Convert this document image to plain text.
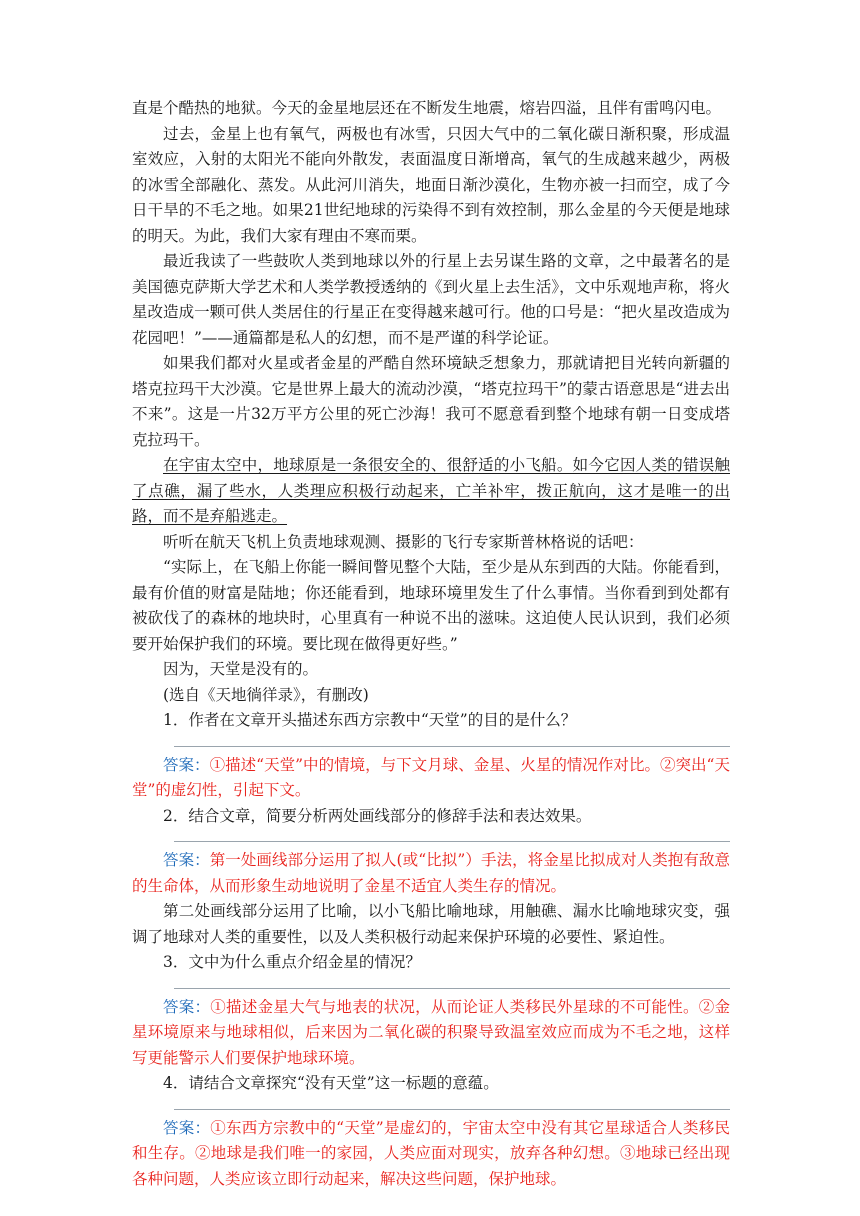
直是个酷热的地狱。今天的金星地层还在不断发生地震，熔岩四溢，且伴有雷鸣闪电。

过去，金星上也有氧气，两极也有冰雪，只因大气中的二氧化碳日渐积聚，形成温室效应，入射的太阳光不能向外散发，表面温度日渐增高，氧气的生成越来越少，两极的冰雪全部融化、蒸发。从此河川消失，地面日渐沙漠化，生物亦被一扫而空，成了今日干旱的不毛之地。如果21世纪地球的污染得不到有效控制，那么金星的今天便是地球的明天。为此，我们大家有理由不寒而栗。

最近我读了一些鼓吹人类到地球以外的行星上去另谋生路的文章，之中最著名的是美国德克萨斯大学艺术和人类学教授透纳的《到火星上去生活》，文中乐观地声称，将火星改造成一颗可供人类居住的行星正在变得越来越可行。他的口号是：“把火星改造成为花园吧！”——通篇都是私人的幻想，而不是严谨的科学论证。

如果我们都对火星或者金星的严酷自然环境缺乏想象力，那就请把目光转向新疆的塔克拉玛干大沙漠。它是世界上最大的流动沙漠，“塔克拉玛干”的蒙古语意思是“进去出不来”。这是一片32万平方公里的死亡沙海！我可不愿意看到整个地球有朝一日变成塔克拉玛干。

在宇宙太空中，地球原是一条很安全的、很舒适的小飞船。如今它因人类的错误触了点礁，漏了些水，人类理应积极行动起来，亡羊补牢，拨正航向，这才是唯一的出路，而不是弃船逃走。

听听在航天飞机上负责地球观测、摄影的飞行专家斯普林格说的话吧：

“实际上，在飞船上你能一瞬间瞥见整个大陆，至少是从东到西的大陆。你能看到，最有价值的财富是陆地；你还能看到，地球环境里发生了什么事情。当你看到到处都有被砍伐了的森林的地块时，心里真有一种说不出的滋味。这迫使人民认识到，我们必须要开始保护我们的环境。要比现在做得更好些。”

因为，天堂是没有的。

(选自《天地徜徉录》，有删改)

1．作者在文章开头描述东西方宗教中“天堂”的目的是什么？

答案：①描述“天堂”中的情境，与下文月球、金星、火星的情况作对比。②突出“天堂”的虚幻性，引起下文。

2．结合文章，简要分析两处画线部分的修辞手法和表达效果。

答案：第一处画线部分运用了拟人(或“比拟”）手法，将金星比拟成对人类抱有敌意的生命体，从而形象生动地说明了金星不适宜人类生存的情况。

第二处画线部分运用了比喻，以小飞船比喻地球，用触礁、漏水比喻地球灾变，强调了地球对人类的重要性，以及人类积极行动起来保护环境的必要性、紧迫性。

3．文中为什么重点介绍金星的情况？

答案：①描述金星大气与地表的状况，从而论证人类移民外星球的不可能性。②金星环境原来与地球相似，后来因为二氧化碳的积聚导致温室效应而成为不毛之地，这样写更能警示人们要保护地球环境。

4．请结合文章探究“没有天堂”这一标题的意蕴。

答案：①东西方宗教中的“天堂”是虚幻的，宇宙太空中没有其它星球适合人类移民和生存。②地球是我们唯一的家园，人类应面对现实，放弃各种幻想。③地球已经出现各种问题，人类应该立即行动起来，解决这些问题，保护地球。
